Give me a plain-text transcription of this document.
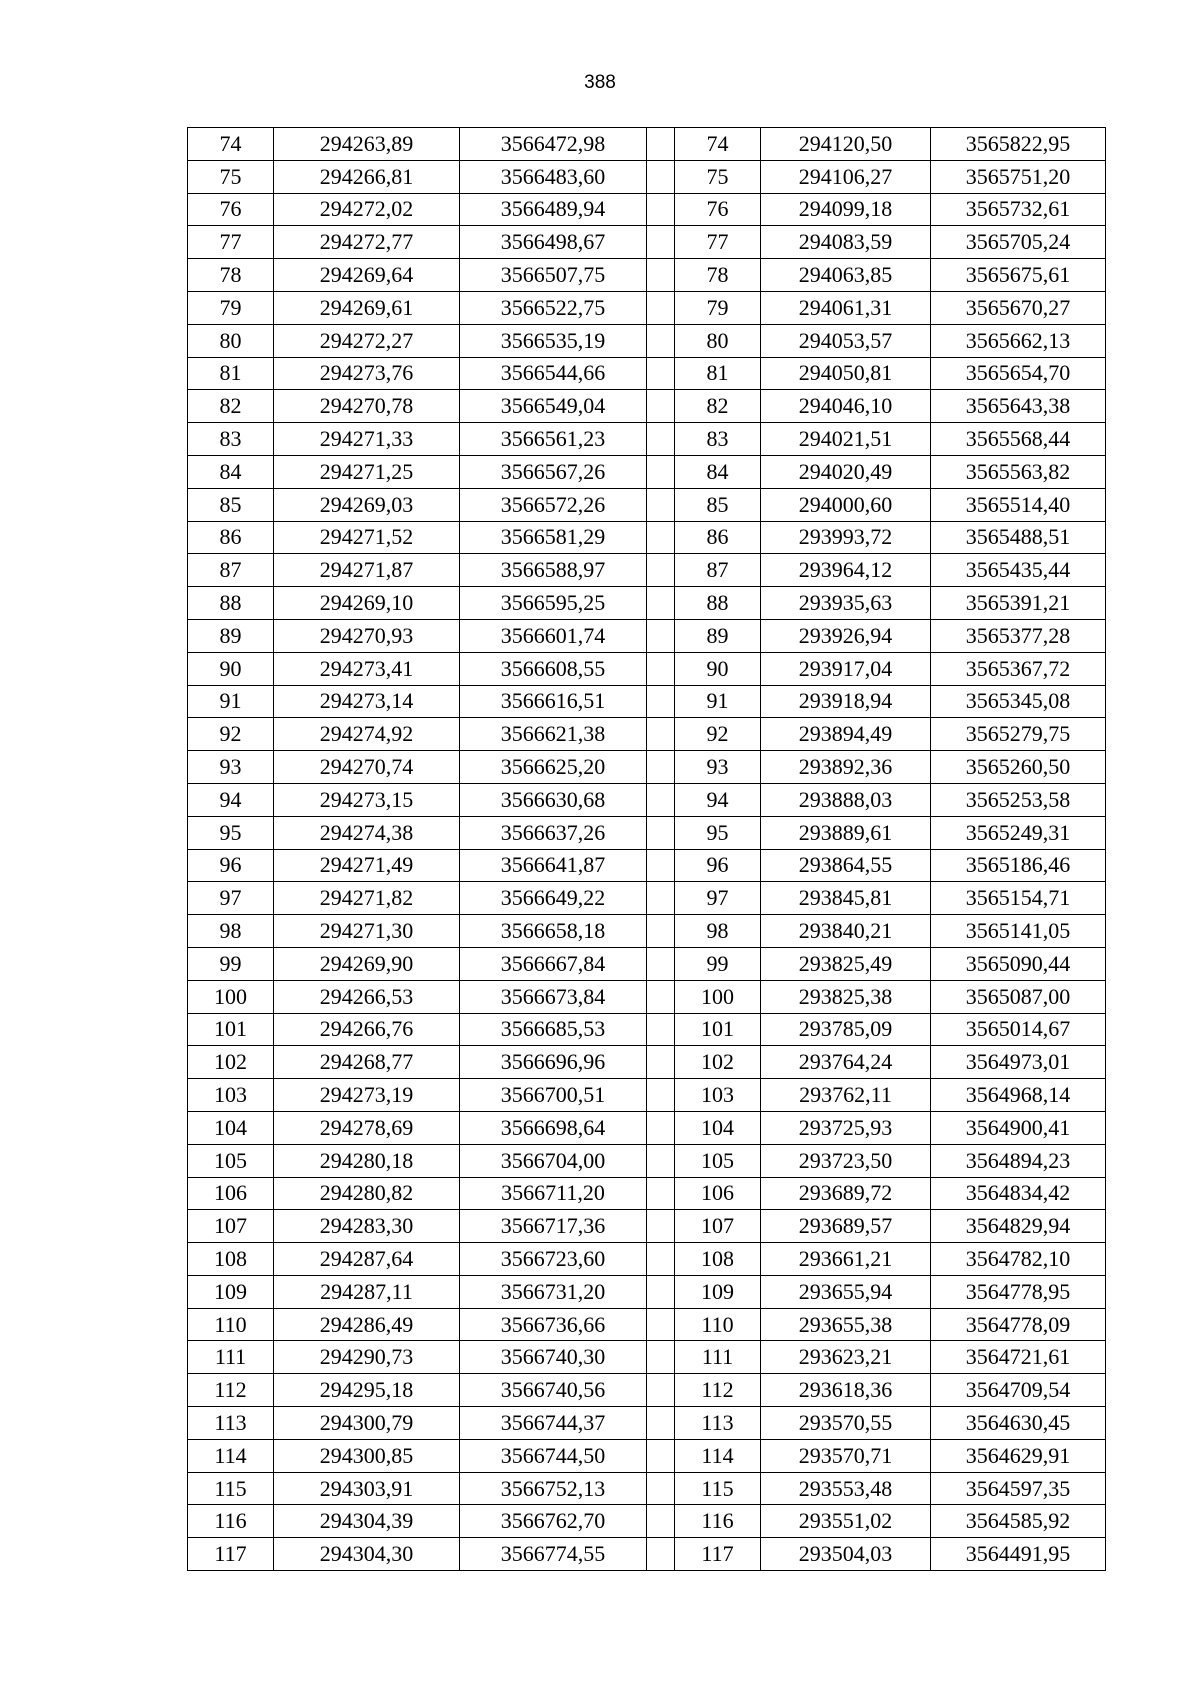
388
74	294263,89	3566472,98		74	294120,50	3565822,95
75	294266,81	3566483,60		75	294106,27	3565751,20
76	294272,02	3566489,94		76	294099,18	3565732,61
77	294272,77	3566498,67		77	294083,59	3565705,24
78	294269,64	3566507,75		78	294063,85	3565675,61
79	294269,61	3566522,75		79	294061,31	3565670,27
80	294272,27	3566535,19		80	294053,57	3565662,13
81	294273,76	3566544,66		81	294050,81	3565654,70
82	294270,78	3566549,04		82	294046,10	3565643,38
83	294271,33	3566561,23		83	294021,51	3565568,44
84	294271,25	3566567,26		84	294020,49	3565563,82
85	294269,03	3566572,26		85	294000,60	3565514,40
86	294271,52	3566581,29		86	293993,72	3565488,51
87	294271,87	3566588,97		87	293964,12	3565435,44
88	294269,10	3566595,25		88	293935,63	3565391,21
89	294270,93	3566601,74		89	293926,94	3565377,28
90	294273,41	3566608,55		90	293917,04	3565367,72
91	294273,14	3566616,51		91	293918,94	3565345,08
92	294274,92	3566621,38		92	293894,49	3565279,75
93	294270,74	3566625,20		93	293892,36	3565260,50
94	294273,15	3566630,68		94	293888,03	3565253,58
95	294274,38	3566637,26		95	293889,61	3565249,31
96	294271,49	3566641,87		96	293864,55	3565186,46
97	294271,82	3566649,22		97	293845,81	3565154,71
98	294271,30	3566658,18		98	293840,21	3565141,05
99	294269,90	3566667,84		99	293825,49	3565090,44
100	294266,53	3566673,84		100	293825,38	3565087,00
101	294266,76	3566685,53		101	293785,09	3565014,67
102	294268,77	3566696,96		102	293764,24	3564973,01
103	294273,19	3566700,51		103	293762,11	3564968,14
104	294278,69	3566698,64		104	293725,93	3564900,41
105	294280,18	3566704,00		105	293723,50	3564894,23
106	294280,82	3566711,20		106	293689,72	3564834,42
107	294283,30	3566717,36		107	293689,57	3564829,94
108	294287,64	3566723,60		108	293661,21	3564782,10
109	294287,11	3566731,20		109	293655,94	3564778,95
110	294286,49	3566736,66		110	293655,38	3564778,09
111	294290,73	3566740,30		111	293623,21	3564721,61
112	294295,18	3566740,56		112	293618,36	3564709,54
113	294300,79	3566744,37		113	293570,55	3564630,45
114	294300,85	3566744,50		114	293570,71	3564629,91
115	294303,91	3566752,13		115	293553,48	3564597,35
116	294304,39	3566762,70		116	293551,02	3564585,92
117	294304,30	3566774,55		117	293504,03	3564491,95
